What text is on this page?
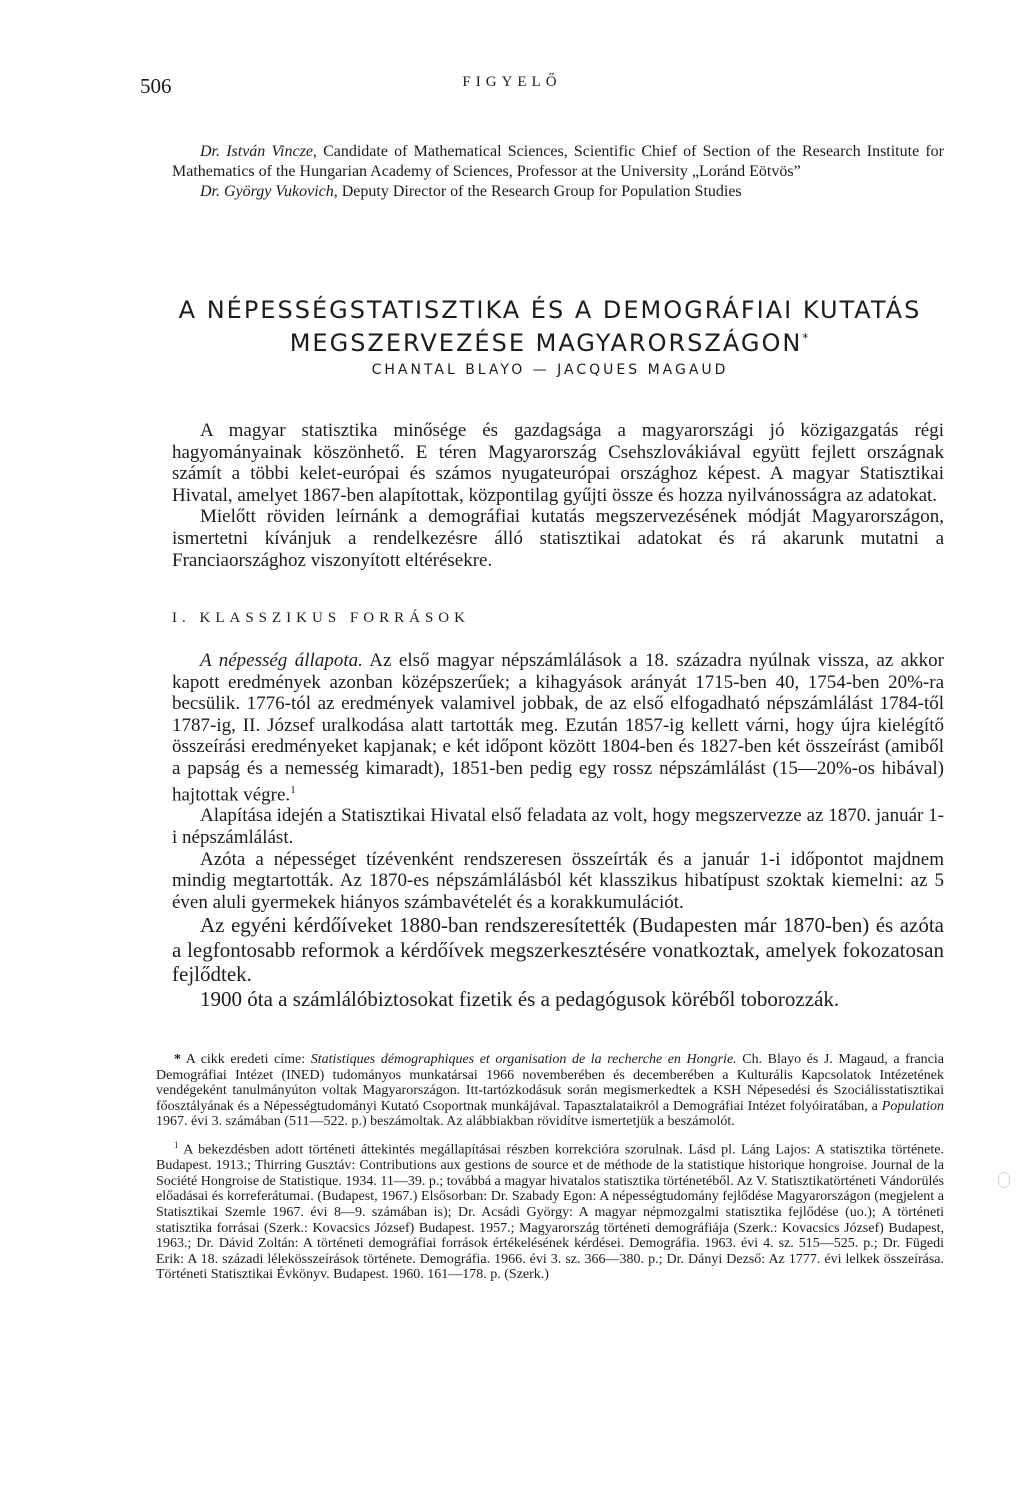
506	FIGYELŐ

Dr. István Vincze, Candidate of Mathematical Sciences, Scientific Chief of Section of the Research Institute for Mathematics of the Hungarian Academy of Sciences, Professor at the University „Loránd Eötvös”

Dr. György Vukovich, Deputy Director of the Research Group for Population Studies

A NÉPESSÉGSTATISZTIKA ÉS A DEMOGRÁFIAI KUTATÁS
MEGSZERVEZÉSE MAGYARORSZÁGON*
CHANTAL BLAYO — JACQUES MAGAUD

A magyar statisztika minősége és gazdagsága a magyarországi jó közigazgatás régi hagyományainak köszönhető. E téren Magyarország Csehszlovákiával együtt fejlett országnak számít a többi kelet-európai és számos nyugateurópai országhoz képest. A magyar Statisztikai Hivatal, amelyet 1867-ben alapítottak, központilag gyűjti össze és hozza nyilvánosságra az adatokat.

Mielőtt röviden leírnánk a demográfiai kutatás megszervezésének módját Magyarországon, ismertetni kívánjuk a rendelkezésre álló statisztikai adatokat és rá akarunk mutatni a Franciaországhoz viszonyított eltérésekre.

I. KLASSZIKUS FORRÁSOK

A népesség állapota. Az első magyar népszámlálások a 18. századra nyúlnak vissza, az akkor kapott eredmények azonban középszerűek; a kihagyások arányát 1715-ben 40, 1754-ben 20%-ra becsülik. 1776-tól az eredmények valamivel jobbak, de az első elfogadható népszámlálást 1784-től 1787-ig, II. József uralkodása alatt tartották meg. Ezután 1857-ig kellett várni, hogy újra kielégítő összeírási eredményeket kapjanak; e két időpont között 1804-ben és 1827-ben két összeírást (amiből a papság és a nemesség kimaradt), 1851-ben pedig egy rossz népszámlálást (15—20%-os hibával) hajtottak végre.$^1$

Alapítása idején a Statisztikai Hivatal első feladata az volt, hogy megszervezze az 1870. január 1-i népszámlálást.

Azóta a népességet tízévenként rendszeresen összeírták és a január 1-i időpontot majdnem mindig megtartották. Az 1870-es népszámlálásból két klasszikus hibatípust szoktak kiemelni: az 5 éven aluli gyermekek hiányos számbavételét és a korakkumulációt.

Az egyéni kérdőíveket 1880-ban rendszeresítették (Budapesten már 1870-ben) és azóta a legfontosabb reformok a kérdőívek megszerkesztésére vonatkoztak, amelyek fokozatosan fejlődtek.

1900 óta a számlálóbiztosokat fizetik és a pedagógusok köréből toborozzák.

* A cikk eredeti címe: Statistiques démographiques et organisation de la recherche en Hongrie. Ch. Blayo és J. Magaud, a francia Demográfiai Intézet (INED) tudományos munkatársai 1966 novemberében és decemberében a Kulturális Kapcsolatok Intézetének vendégeként tanulmányúton voltak Magyarországon. Itt-tartózkodásuk során megismerkedtek a KSH Népesedési és Szociálisstatisztikai főosztályának és a Népességtudományi Kutató Csoportnak munkájával. Tapasztalataikról a Demográfiai Intézet folyóiratában, a Population 1967. évi 3. számában (511—522. p.) beszámoltak. Az alábbiakban rövidítve ismertetjük a beszámolót.

$^1$ A bekezdésben adott történeti áttekintés megállapításai részben korrekcióra szorulnak. Lásd pl. Láng Lajos: A statisztika története. Budapest. 1913.; Thirring Gusztáv: Contributions aux gestions de source et de méthode de la statistique historique hongroise. Journal de la Société Hongroise de Statistique. 1934. 11—39. p.; továbbá a magyar hivatalos statisztika történetéből. Az V. Statisztikatörténeti Vándorülés előadásai és korreferátumai. (Budapest, 1967.) Elsősorban: Dr. Szabady Egon: A népességtudomány fejlődése Magyarországon (megjelent a Statisztikai Szemle 1967. évi 8—9. számában is); Dr. Acsádi György: A magyar népmozgalmi statisztika fejlődése (uo.); A történeti statisztika forrásai (Szerk.: Kovacsics József) Budapest. 1957.; Magyarország történeti demográfiája (Szerk.: Kovacsics József) Budapest, 1963.; Dr. Dávid Zoltán: A történeti demográfiai források értékelésének kérdései. Demográfia. 1963. évi 4. sz. 515—525. p.; Dr. Fügedi Erik: A 18. századi lélekösszeírások története. Demográfia. 1966. évi 3. sz. 366—380. p.; Dr. Dányi Dezső: Az 1777. évi lelkek összeírása. Történeti Statisztikai Évkönyv. Budapest. 1960. 161—178. p. (Szerk.)
